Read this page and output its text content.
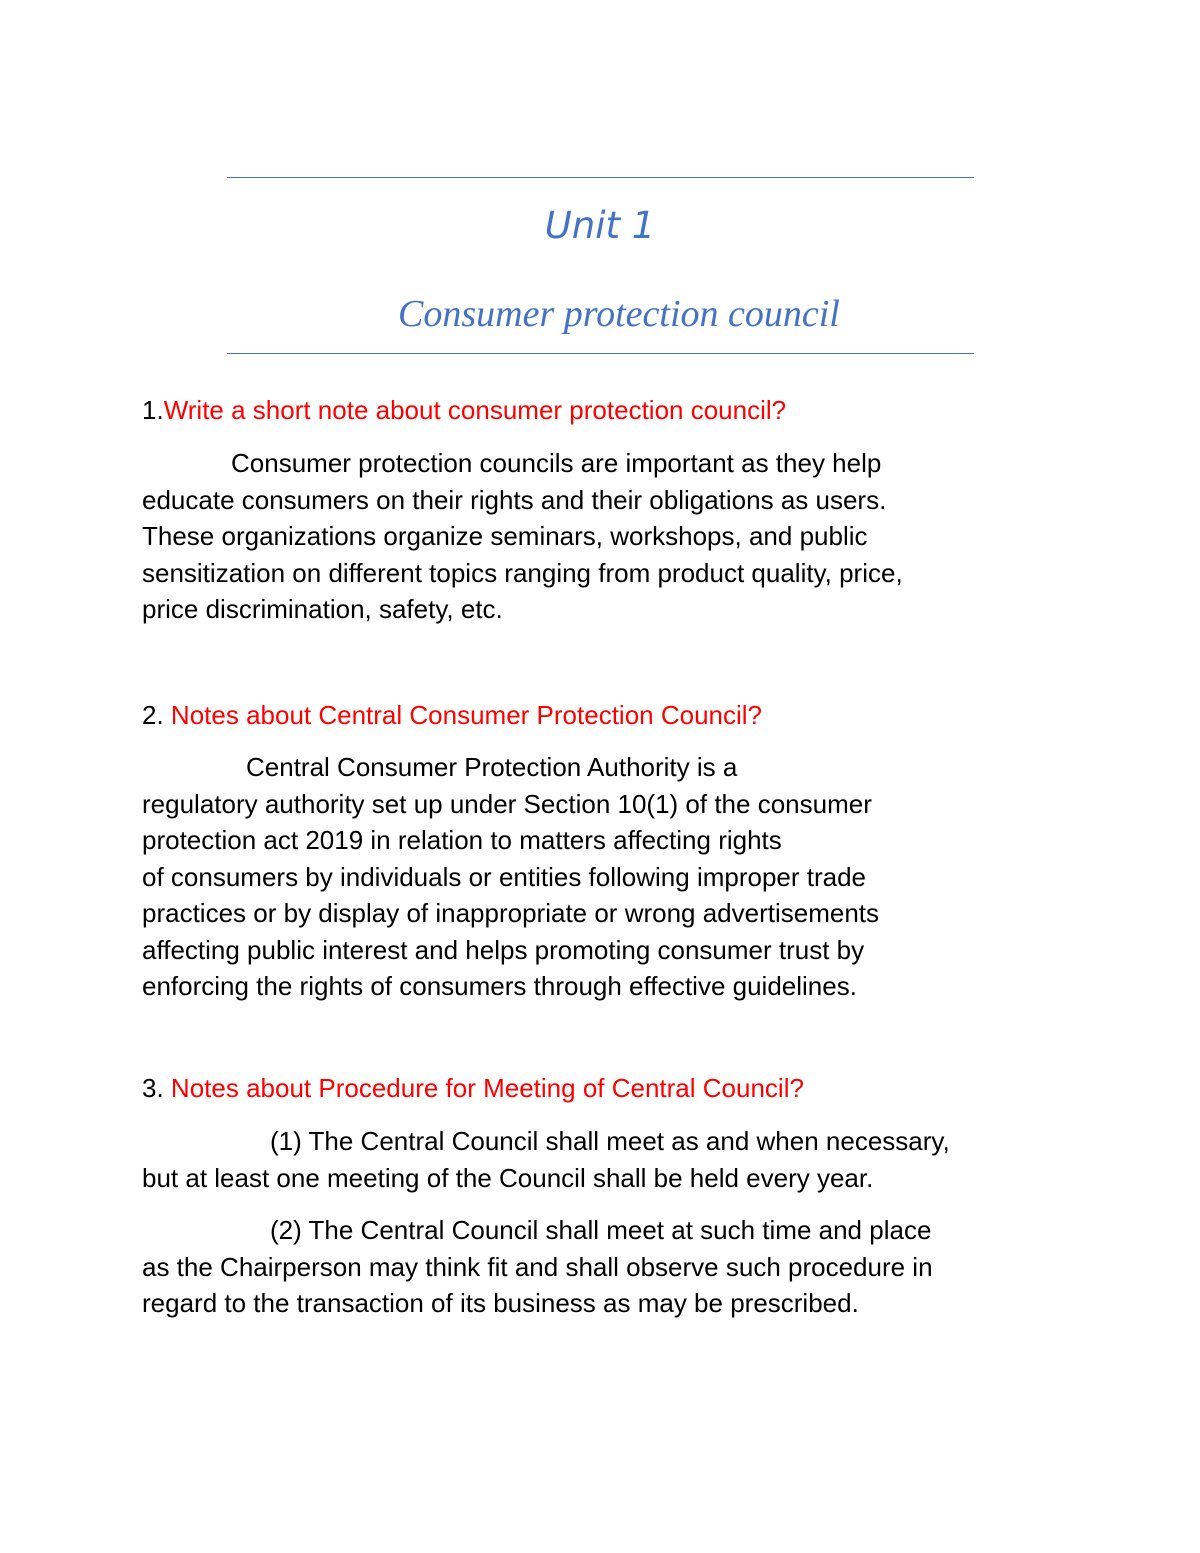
Unit 1
Consumer protection council

1.Write a short note about consumer protection council?

Consumer protection councils are important as they help
educate consumers on their rights and their obligations as users.
These organizations organize seminars, workshops, and public
sensitization on different topics ranging from product quality, price,
price discrimination, safety, etc.

2. Notes about Central Consumer Protection Council?

Central Consumer Protection Authority is a
regulatory authority set up under Section 10(1) of the consumer
protection act 2019 in relation to matters affecting rights
of consumers by individuals or entities following improper trade
practices or by display of inappropriate or wrong advertisements
affecting public interest and helps promoting consumer trust by
enforcing the rights of consumers through effective guidelines.

3. Notes about Procedure for Meeting of Central Council?

(1) The Central Council shall meet as and when necessary,
but at least one meeting of the Council shall be held every year.
(2) The Central Council shall meet at such time and place
as the Chairperson may think fit and shall observe such procedure in
regard to the transaction of its business as may be prescribed.
